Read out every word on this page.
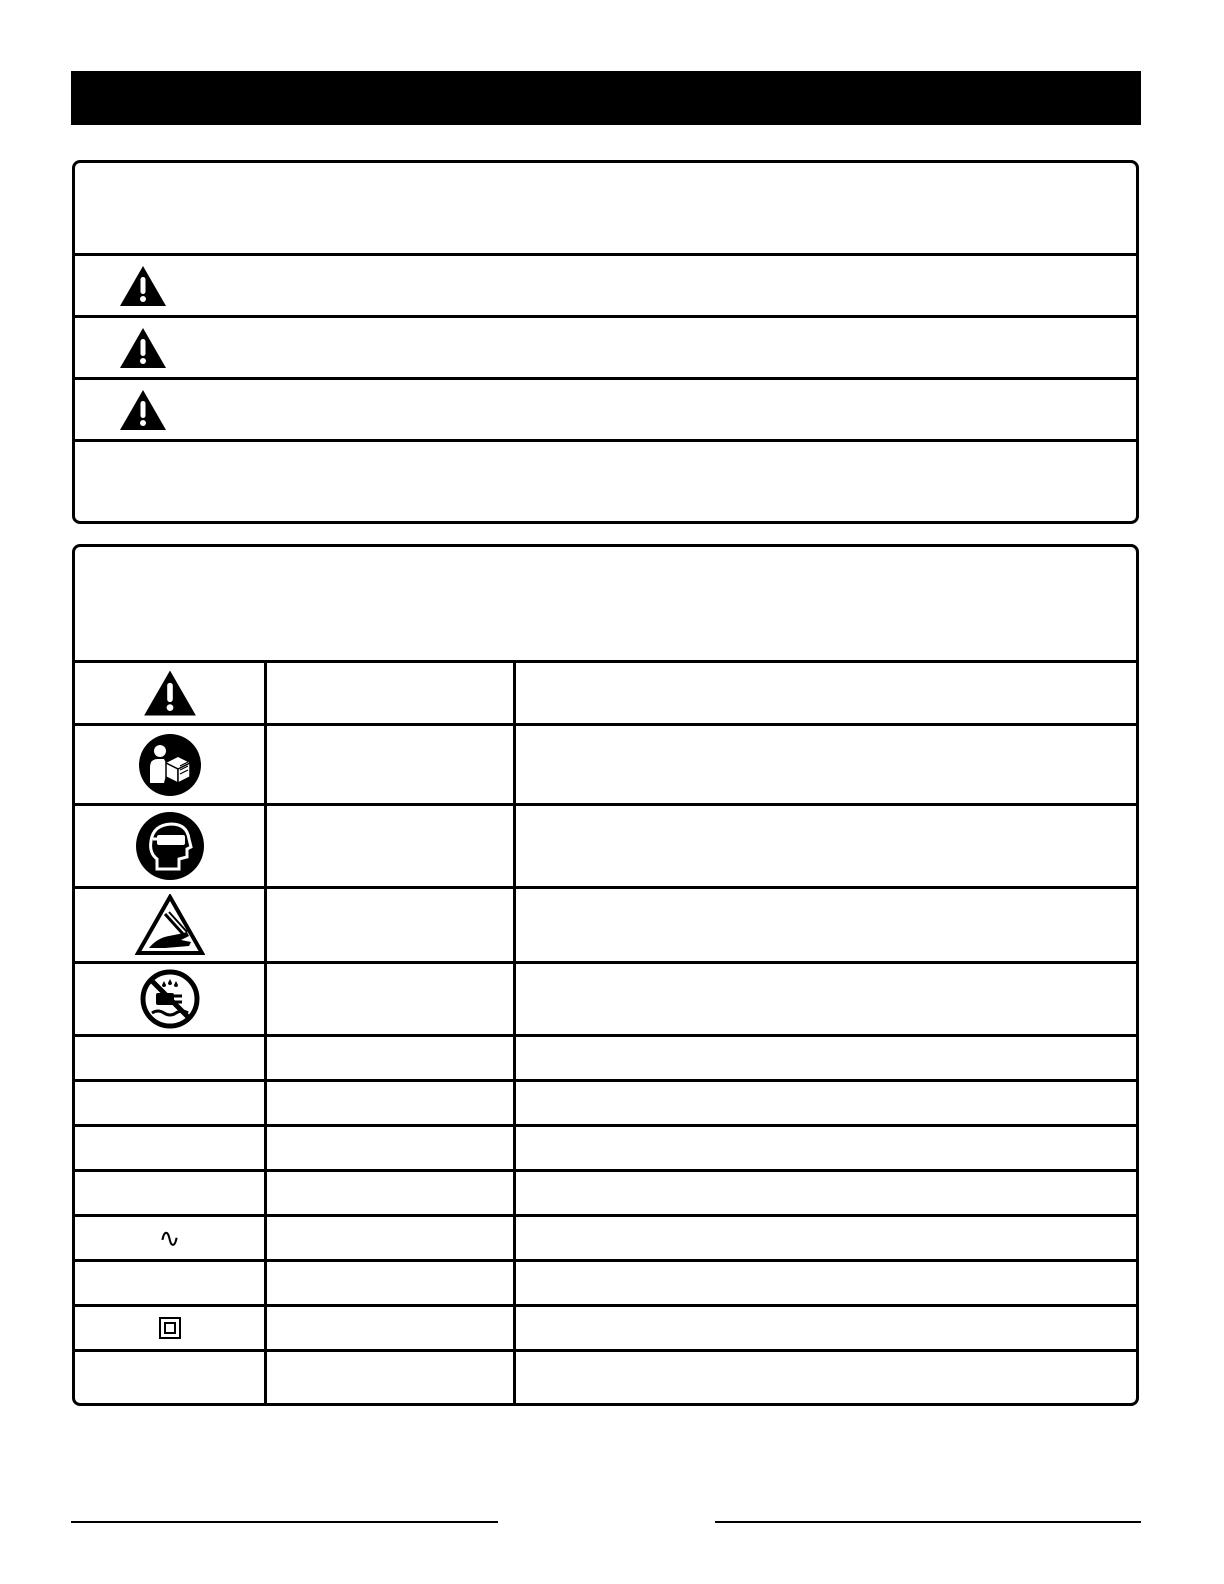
∿
